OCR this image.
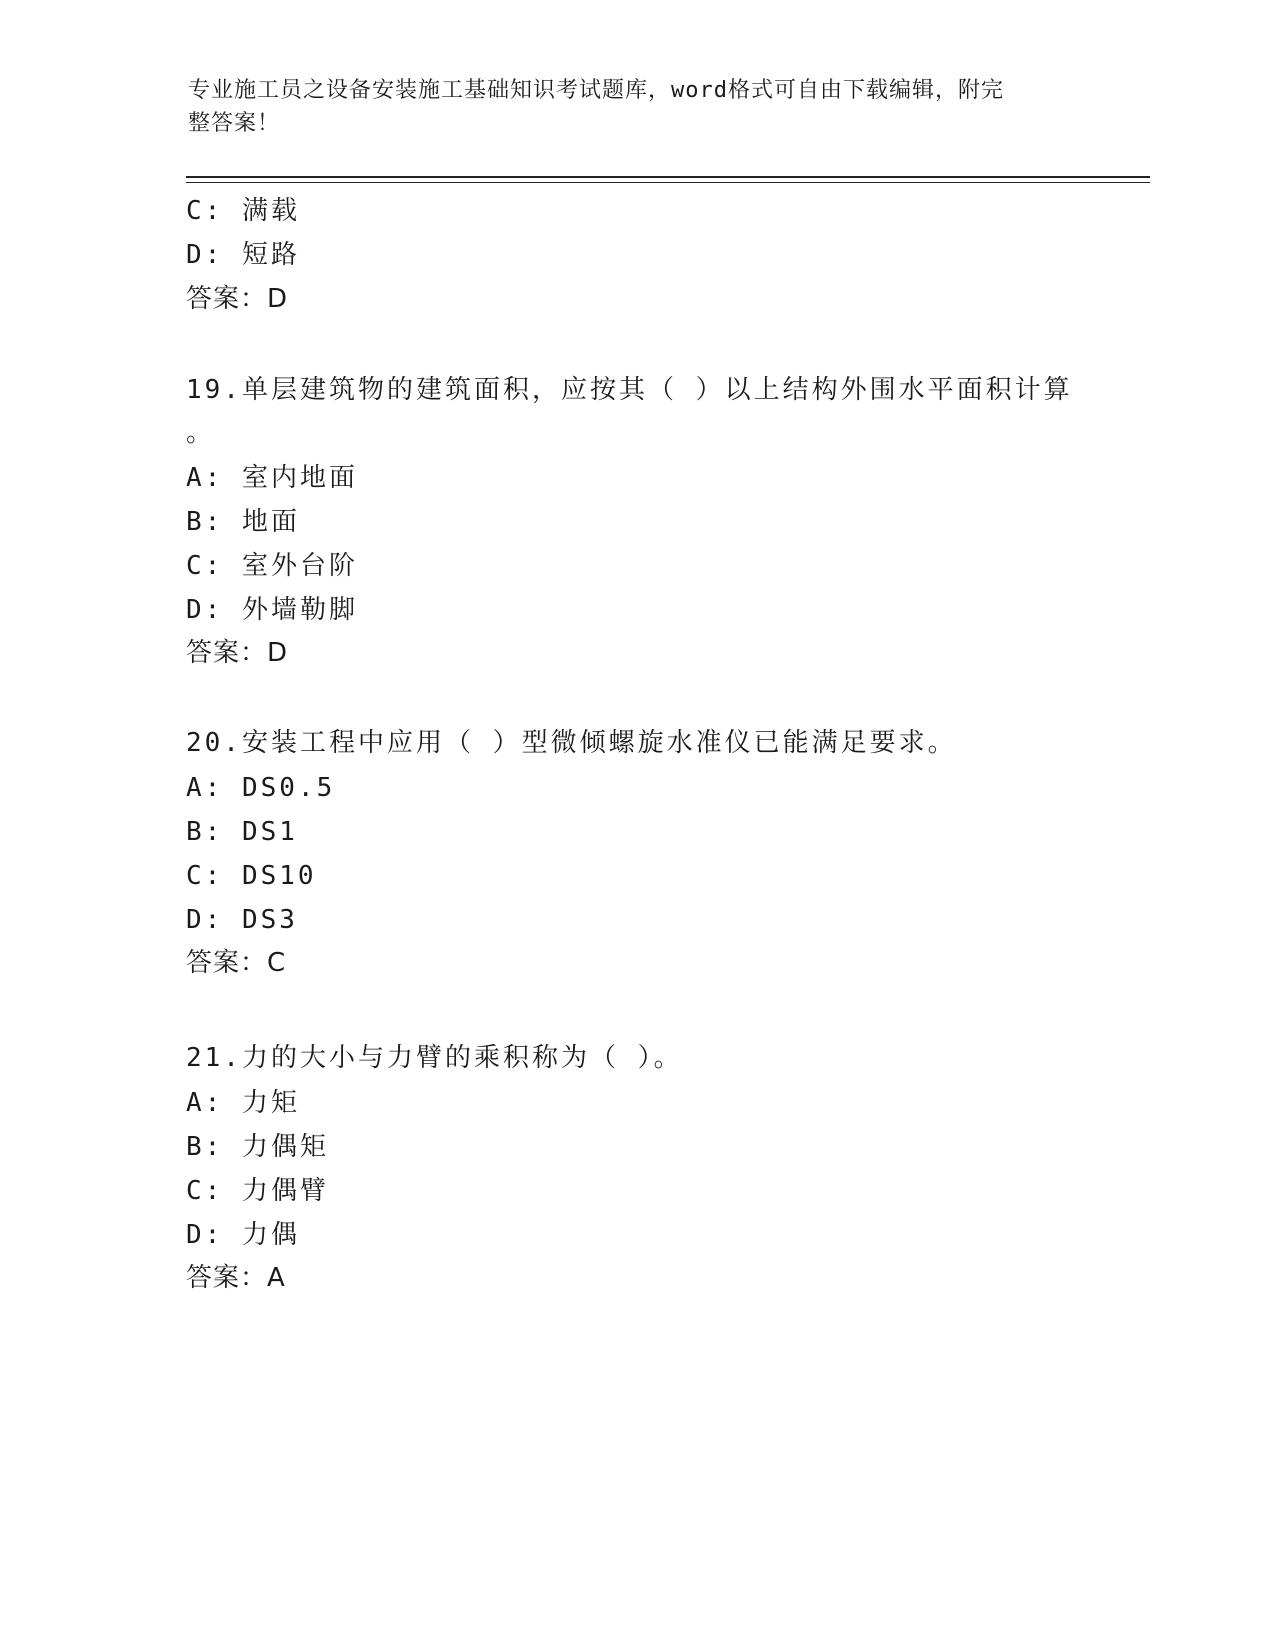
专业施工员之设备安装施工基础知识考试题库，word格式可自由下载编辑，附完
整答案！
C: 满载
D: 短路
答案：D
19.单层建筑物的建筑面积，应按其（ ）以上结构外围水平面积计算
。
A: 室内地面
B: 地面
C: 室外台阶
D: 外墙勒脚
答案：D
20.安装工程中应用（ ）型微倾螺旋水准仪已能满足要求。
A: DS0.5
B: DS1
C: DS10
D: DS3
答案：C
21.力的大小与力臂的乘积称为（ ）。
A: 力矩
B: 力偶矩
C: 力偶臂
D: 力偶
答案：A
